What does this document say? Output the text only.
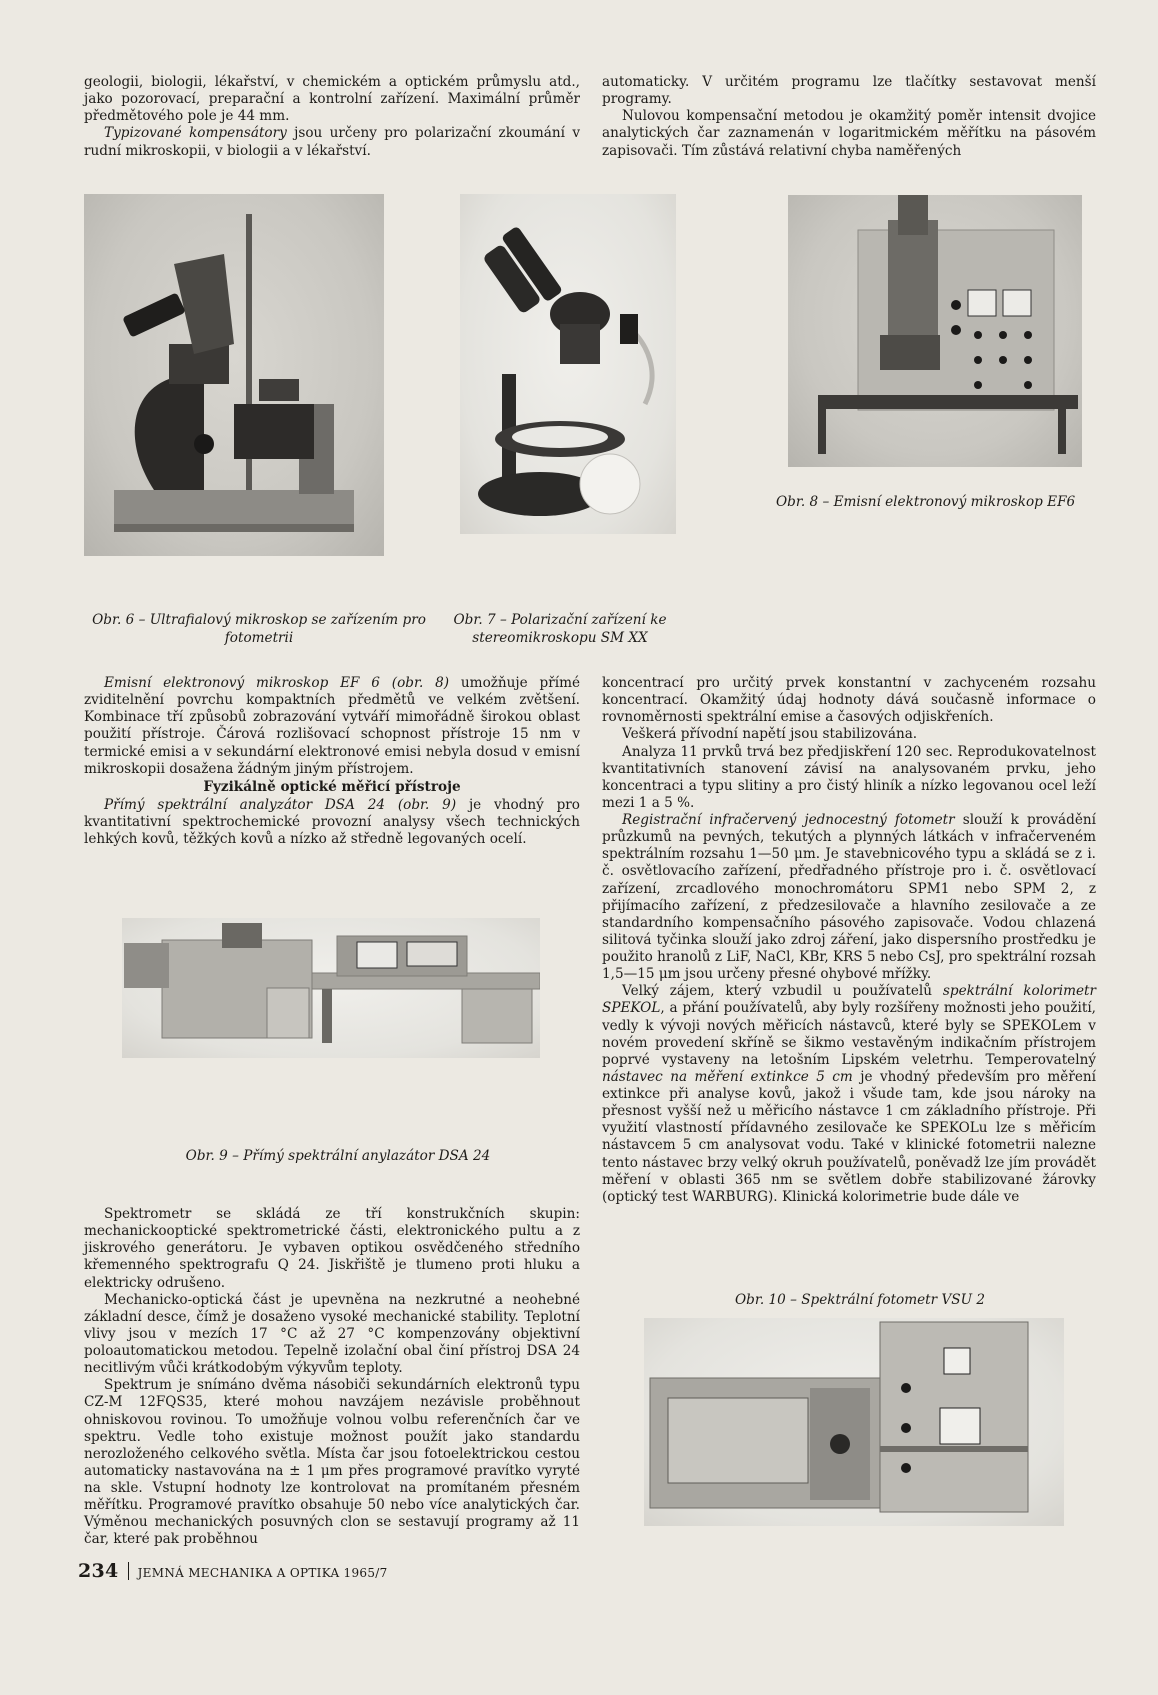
geologii, biologii, lékařství, v chemickém a optickém průmyslu atd., jako pozorovací, preparační a kontrolní zařízení. Maximální průměr předmětového pole je 44 mm.

Typizované kompensátory jsou určeny pro polarizační zkoumání v rudní mikroskopii, v biologii a v lékařství.

automaticky. V určitém programu lze tlačítky sestavovat menší programy.

Nulovou kompensační metodou je okamžitý poměr intensit dvojice analytických čar zaznamenán v logaritmickém měřítku na pásovém zapisovači. Tím zůstává relativní chyba naměřených

Obr. 8 – Emisní elektronový mikroskop EF6
Obr. 6 – Ultrafialový mikroskop se zařízením pro fotometrii
Obr. 7 – Polarizační zařízení ke stereomikroskopu SM XX

Emisní elektronový mikroskop EF 6 (obr. 8) umožňuje přímé zviditelnění povrchu kompaktních předmětů ve velkém zvětšení. Kombinace tří způsobů zobrazování vytváří mimořádně širokou oblast použití přístroje. Čárová rozlišovací schopnost přístroje 15 nm v termické emisi a v sekundární elektronové emisi nebyla dosud v emisní mikroskopii dosažena žádným jiným přístrojem.

Fyzikálně optické měřicí přístroje

Přímý spektrální analyzátor DSA 24 (obr. 9) je vhodný pro kvantitativní spektrochemické provozní analysy všech technických lehkých kovů, těžkých kovů a nízko až středně legovaných ocelí.

Obr. 9 – Přímý spektrální anylazátor DSA 24

Spektrometr se skládá ze tří konstrukčních skupin: mechanickooptické spektrometrické části, elektronického pultu a z jiskrového generátoru. Je vybaven optikou osvědčeného středního křemenného spektrografu Q 24. Jiskřiště je tlumeno proti hluku a elektricky odrušeno.

Mechanicko-optická část je upevněna na nezkrutné a neohebné základní desce, čímž je dosaženo vysoké mechanické stability. Teplotní vlivy jsou v mezích 17 °C až 27 °C kompenzovány objektivní poloautomatickou metodou. Tepelně izolační obal činí přístroj DSA 24 necitlivým vůči krátkodobým výkyvům teploty.

Spektrum je snímáno dvěma násobiči sekundárních elektronů typu CZ-M 12FQS35, které mohou navzájem nezávisle proběhnout ohniskovou rovinou. To umožňuje volnou volbu referenčních čar ve spektru. Vedle toho existuje možnost použít jako standardu nerozloženého celkového světla. Místa čar jsou fotoelektrickou cestou automaticky nastavována na ± 1 μm přes programové pravítko vyryté na skle. Vstupní hodnoty lze kontrolovat na promítaném přesném měřítku. Programové pravítko obsahuje 50 nebo více analytických čar. Výměnou mechanických posuvných clon se sestavují programy až 11 čar, které pak proběhnou

koncentrací pro určitý prvek konstantní v zachyceném rozsahu koncentrací. Okamžitý údaj hodnoty dává současně informace o rovnoměrnosti spektrální emise a časových odjiskřeních.

Veškerá přívodní napětí jsou stabilizována.

Analyza 11 prvků trvá bez předjiskření 120 sec. Reprodukovatelnost kvantitativních stanovení závisí na analysovaném prvku, jeho koncentraci a typu slitiny a pro čistý hliník a nízko legovanou ocel leží mezi 1 a 5 %.

Registrační infračervený jednocestný fotometr slouží k provádění průzkumů na pevných, tekutých a plynných látkách v infračerveném spektrálním rozsahu 1—50 μm. Je stavebnicového typu a skládá se z i. č. osvětlovacího zařízení, předřadného přístroje pro i. č. osvětlovací zařízení, zrcadlového monochromátoru SPM1 nebo SPM 2, z přijímacího zařízení, z předzesilovače a hlavního zesilovače a ze standardního kompensačního pásového zapisovače. Vodou chlazená silitová tyčinka slouží jako zdroj záření, jako dispersního prostředku je použito hranolů z LiF, NaCl, KBr, KRS 5 nebo CsJ, pro spektrální rozsah 1,5—15 μm jsou určeny přesné ohybové mřížky.

Velký zájem, který vzbudil u používatelů spektrální kolorimetr SPEKOL, a přání používatelů, aby byly rozšířeny možnosti jeho použití, vedly k vývoji nových měřicích nástavců, které byly se SPEKOLem v novém provedení skříně se šikmo vestavěným indikačním přístrojem poprvé vystaveny na letošním Lipském veletrhu. Temperovatelný nástavec na měření extinkce 5 cm je vhodný především pro měření extinkce při analyse kovů, jakož i všude tam, kde jsou nároky na přesnost vyšší než u měřicího nástavce 1 cm základního přístroje. Při využití vlastností přídavného zesilovače ke SPEKOLu lze s měřicím nástavcem 5 cm analysovat vodu. Také v klinické fotometrii nalezne tento nástavec brzy velký okruh používatelů, poněvadž lze jím provádět měření v oblasti 365 nm se světlem dobře stabilizované žárovky (optický test WARBURG). Klinická kolorimetrie bude dále ve

Obr. 10 – Spektrální fotometr VSU 2
234 JEMNÁ MECHANIKA A OPTIKA 1965/7
